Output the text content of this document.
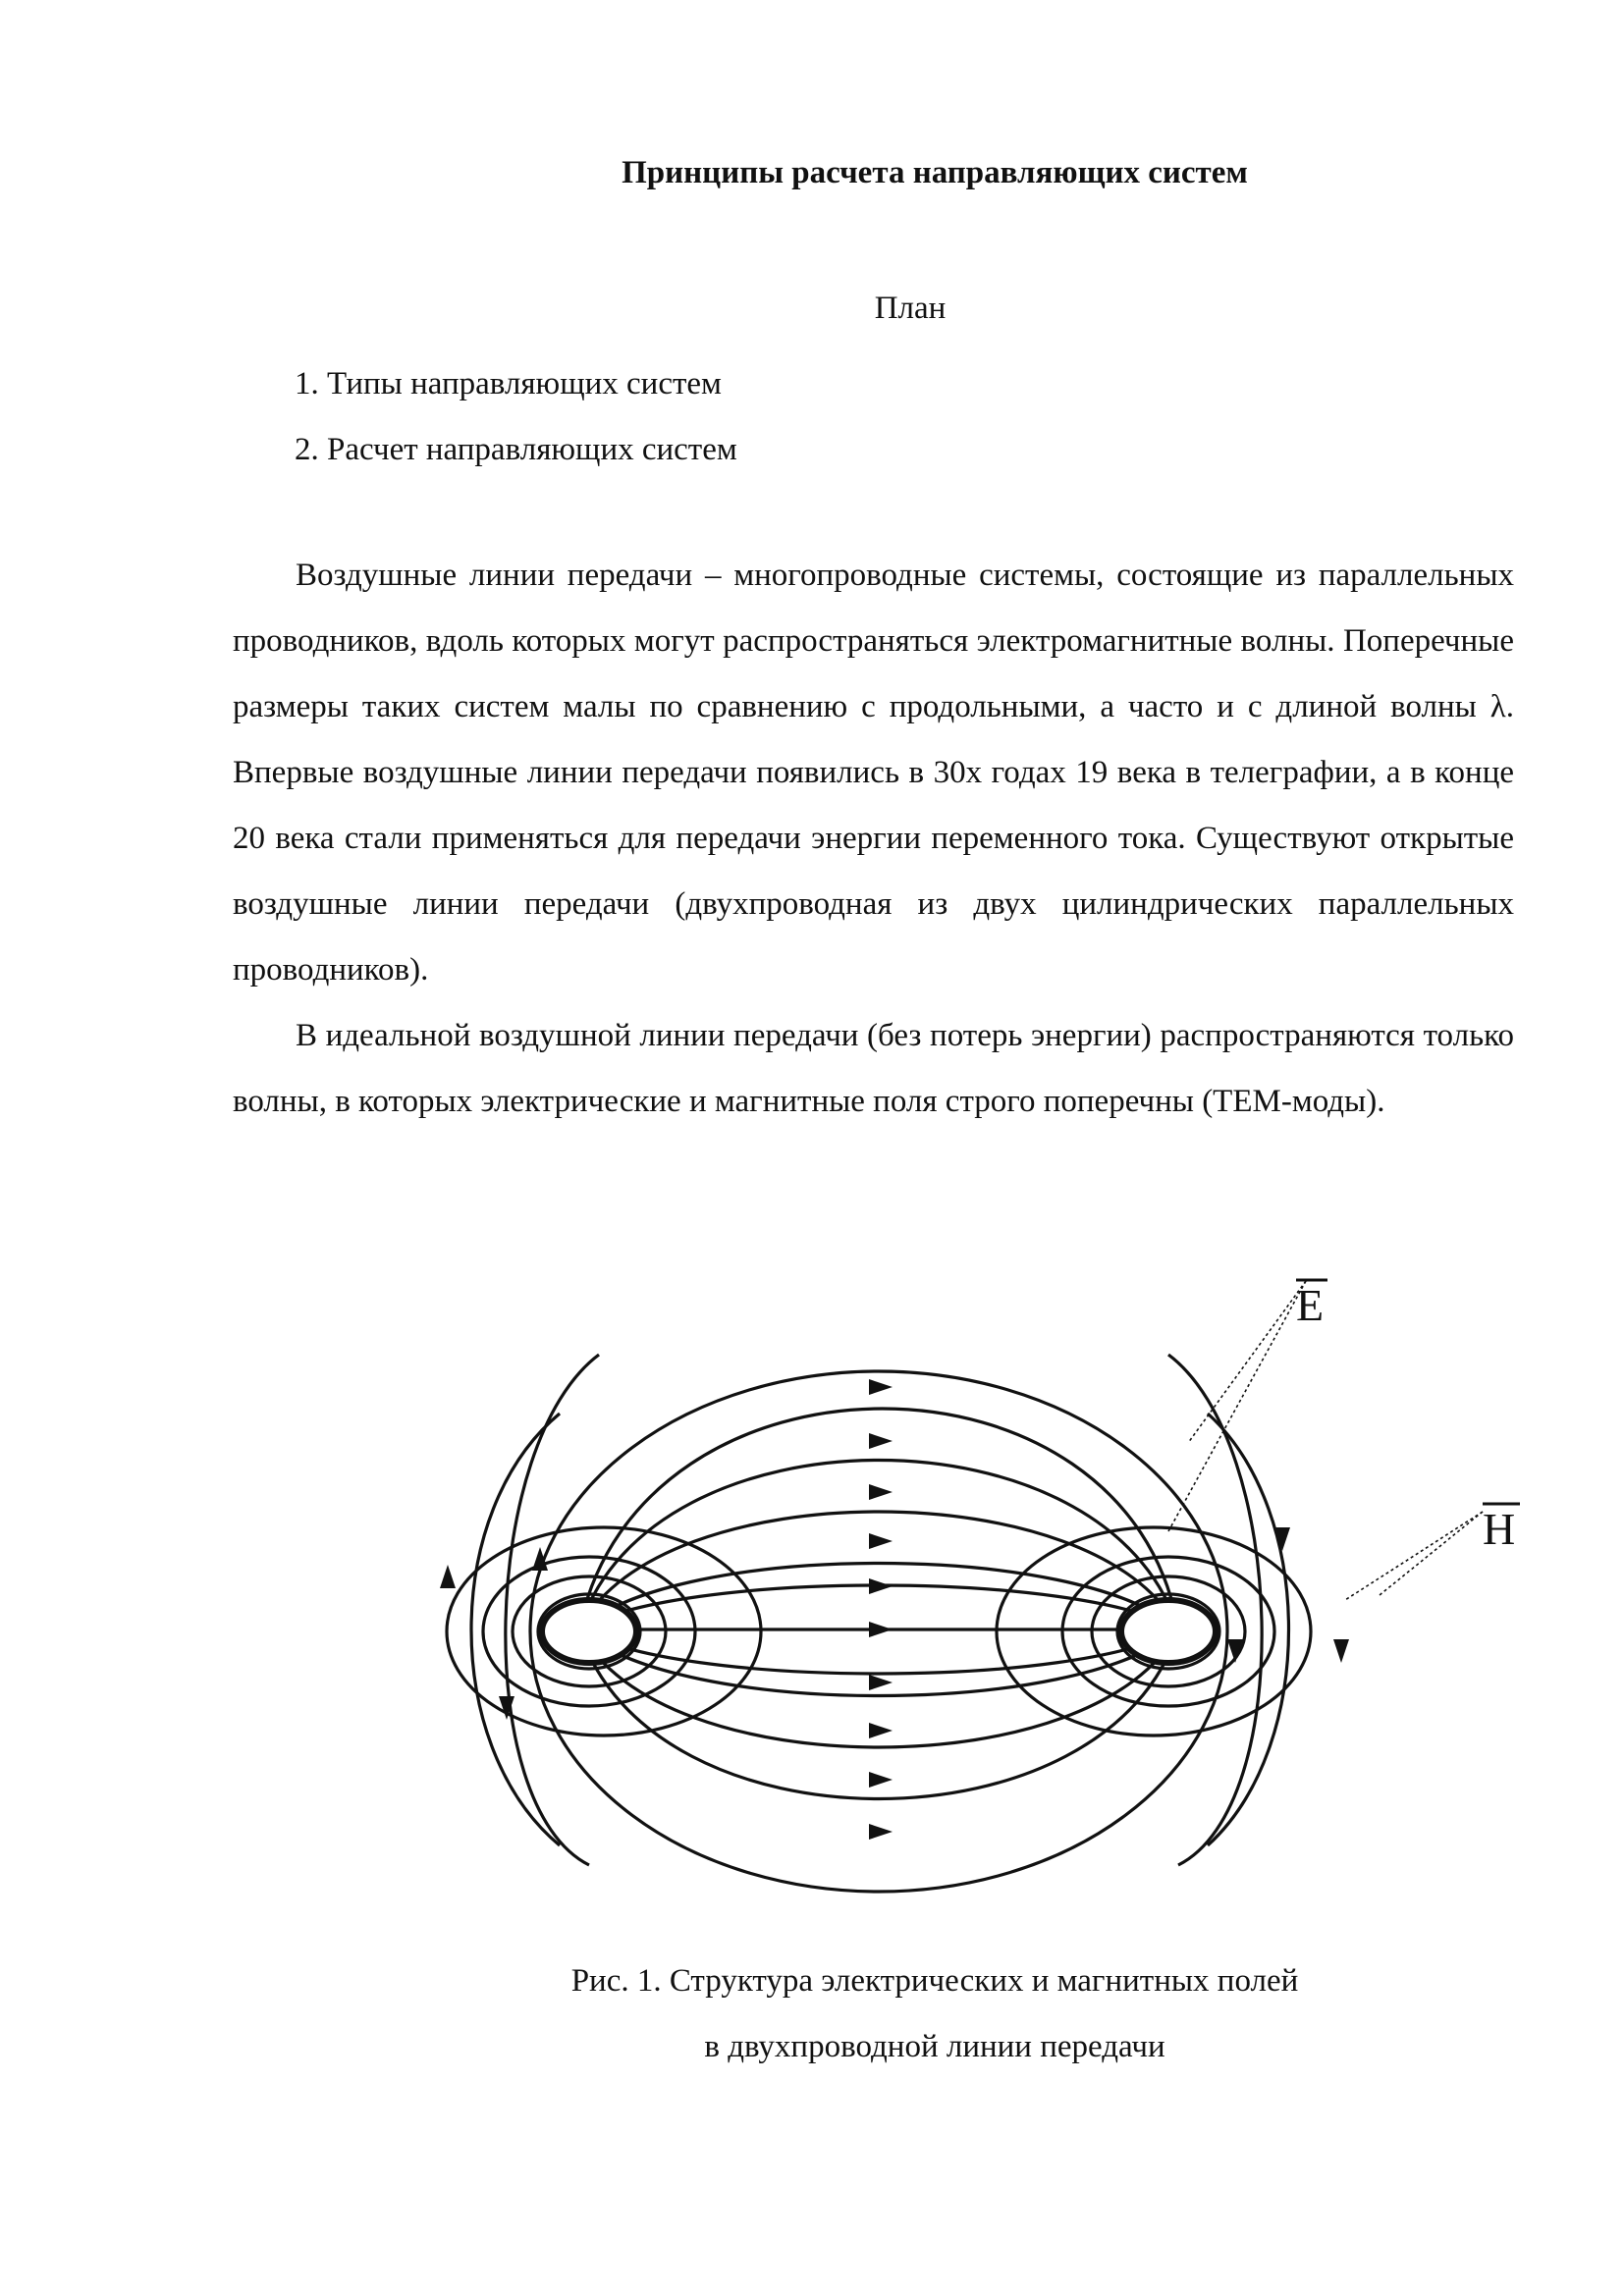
Принципы расчета направляющих систем
План
1. Типы направляющих систем
2. Расчет направляющих систем

Воздушные линии передачи – многопроводные системы, состоящие из параллельных проводников, вдоль которых могут распространяться электромагнитные волны. Поперечные размеры таких систем малы по сравнению с продольными, а часто и с длиной волны λ. Впервые воздушные линии передачи появились в 30х годах 19 века в телеграфии, а в конце 20 века стали применяться для передачи энергии переменного тока. Существуют открытые воздушные линии передачи (двухпроводная из двух цилиндрических параллельных проводников).

В идеальной воздушной линии передачи (без потерь энергии) распространяются только волны, в которых электрические и магнитные поля строго поперечны (ТЕМ-моды).

E
H
Рис. 1. Структура электрических и магнитных полей
в двухпроводной линии передачи
